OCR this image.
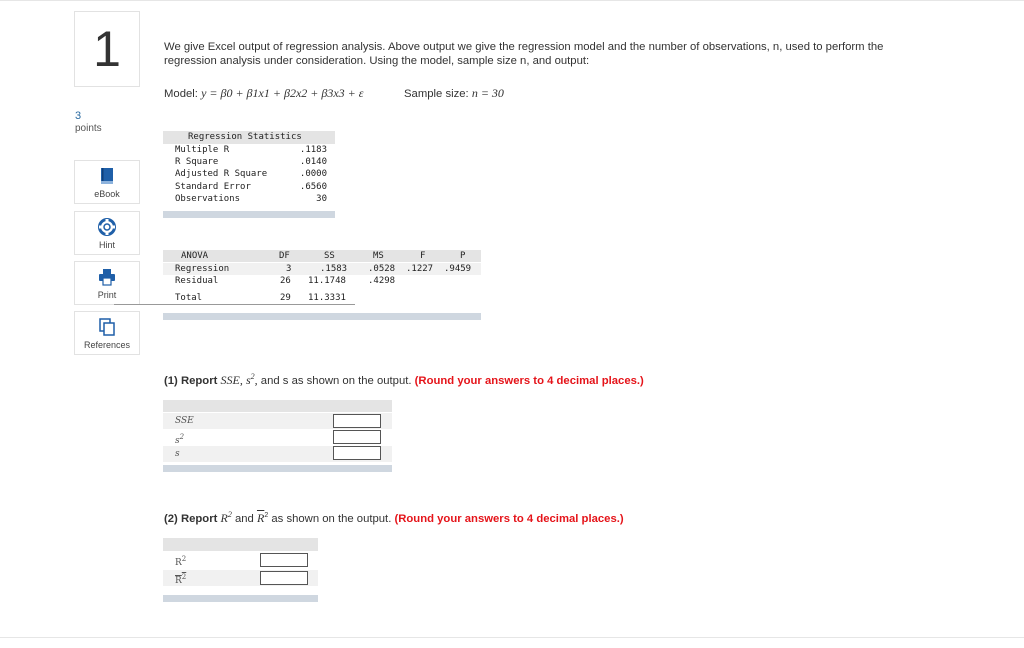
1
3
points
eBook
Hint
Print
References
We give Excel output of regression analysis. Above output we give the regression model and the number of observations, n, used to perform the regression analysis under consideration. Using the model, sample size n, and output:
Model: y = β0 + β1x1 + β2x2 + β3x3 + ε	Sample size: n = 30
Regression Statistics
Multiple R	.1183
R Square	.0140
Adjusted R Square	.0000
Standard Error	.6560
Observations	30
ANOVA	DF	SS	MS	F	P
Regression	3	.1583 .0528 .1227 .9459
Residual	26 11.1748 .4298
Total	29 11.3331
(1) Report SSE, $s^2$, and s as shown on the output. (Round your answers to 4 decimal places.)
SSE
$s^2$
s
(2) Report $R^2$ and $\overline{R}^2$ as shown on the output. (Round your answers to 4 decimal places.)
$R^2$
$R^2$
